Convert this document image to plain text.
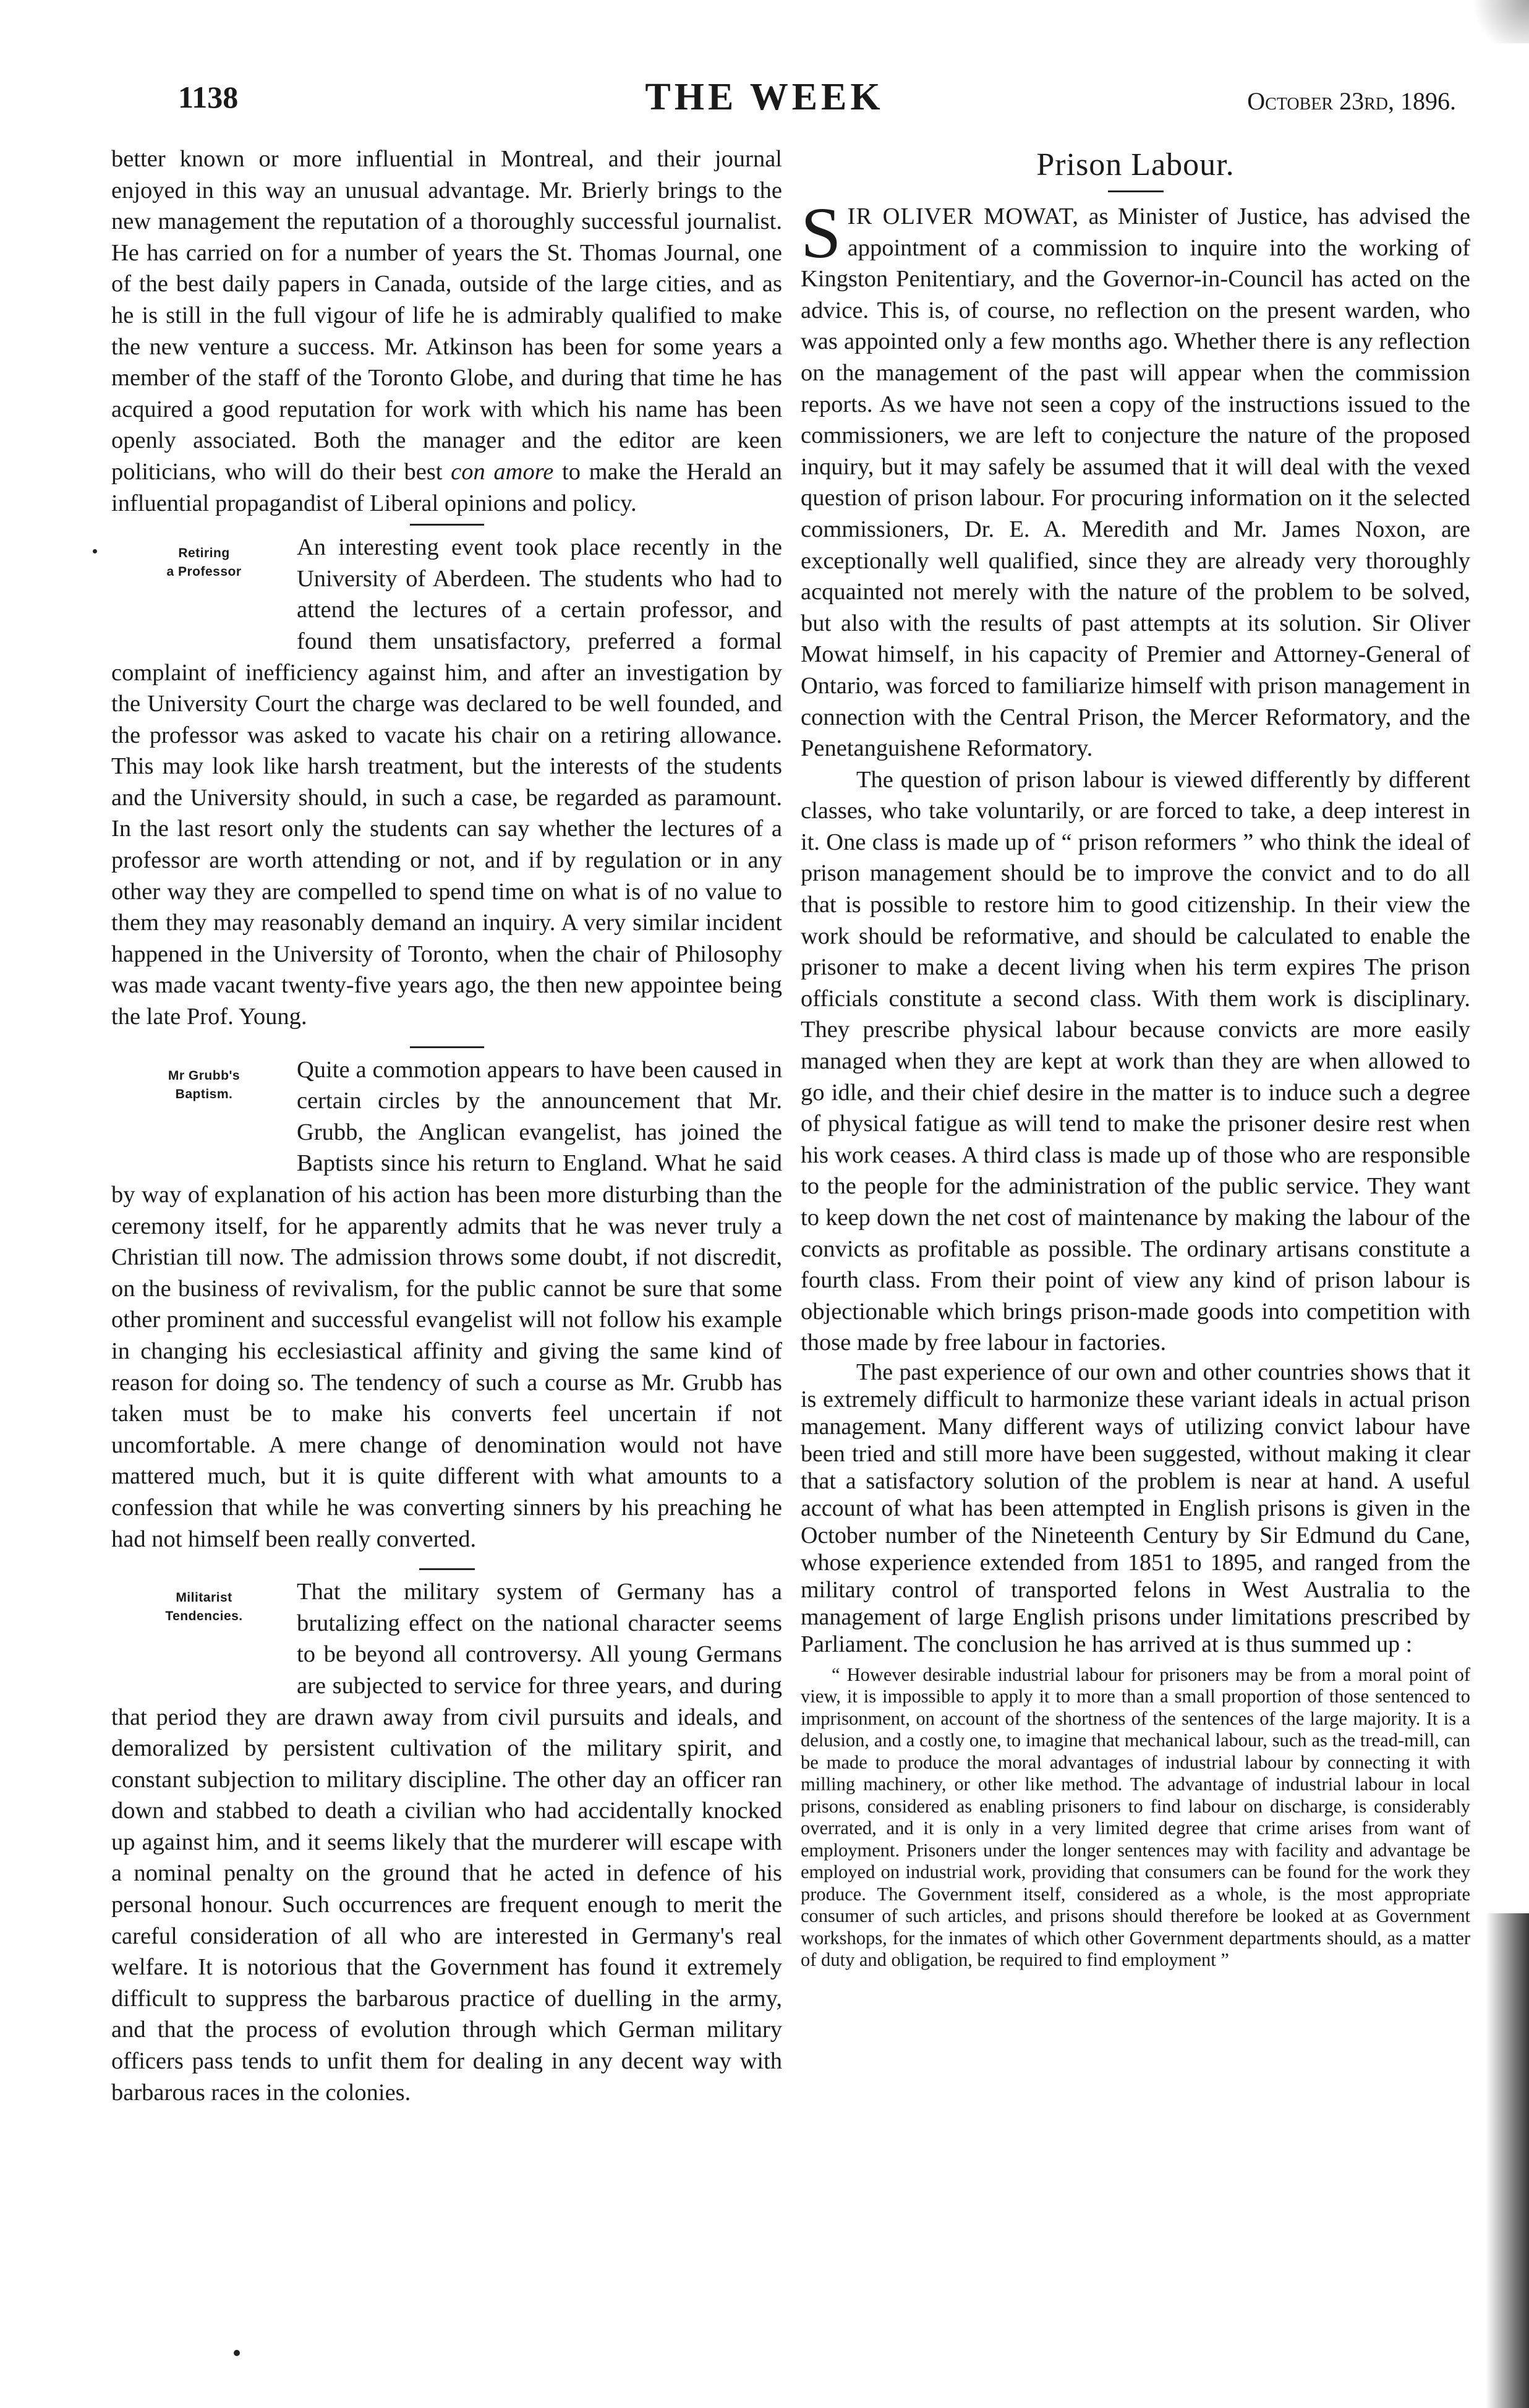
1138	THE WEEK	October 23rd, 1896.

better known or more influential in Montreal, and their journal enjoyed in this way an unusual advantage. Mr. Brierly brings to the new management the reputation of a thoroughly successful journalist. He has carried on for a number of years the St. Thomas Journal, one of the best daily papers in Canada, outside of the large cities, and as he is still in the full vigour of life he is admirably qualified to make the new venture a success. Mr. Atkinson has been for some years a member of the staff of the Toronto Globe, and during that time he has acquired a good reputation for work with which his name has been openly associated. Both the manager and the editor are keen politicians, who will do their best con amore to make the Herald an influential propagandist of Liberal opinions and policy.

Retiring
a Professor

An interesting event took place recently in the University of Aberdeen. The students who had to attend the lectures of a certain professor, and found them unsatisfactory, preferred a formal complaint of inefficiency against him, and after an investigation by the University Court the charge was declared to be well founded, and the professor was asked to vacate his chair on a retiring allowance. This may look like harsh treatment, but the interests of the students and the University should, in such a case, be regarded as paramount. In the last resort only the students can say whether the lectures of a professor are worth attending or not, and if by regulation or in any other way they are compelled to spend time on what is of no value to them they may reasonably demand an inquiry. A very similar incident happened in the University of Toronto, when the chair of Philosophy was made vacant twenty-five years ago, the then new appointee being the late Prof. Young.

Mr Grubb's
Baptism.

Quite a commotion appears to have been caused in certain circles by the announcement that Mr. Grubb, the Anglican evangelist, has joined the Baptists since his return to England. What he said by way of explanation of his action has been more disturbing than the ceremony itself, for he apparently admits that he was never truly a Christian till now. The admission throws some doubt, if not discredit, on the business of revivalism, for the public cannot be sure that some other prominent and successful evangelist will not follow his example in changing his ecclesiastical affinity and giving the same kind of reason for doing so. The tendency of such a course as Mr. Grubb has taken must be to make his converts feel uncertain if not uncomfortable. A mere change of denomination would not have mattered much, but it is quite different with what amounts to a confession that while he was converting sinners by his preaching he had not himself been really converted.

Militarist
Tendencies.

That the military system of Germany has a brutalizing effect on the national character seems to be beyond all controversy. All young Germans are subjected to service for three years, and during that period they are drawn away from civil pursuits and ideals, and demoralized by persistent cultivation of the military spirit, and constant subjection to military discipline. The other day an officer ran down and stabbed to death a civilian who had accidentally knocked up against him, and it seems likely that the murderer will escape with a nominal penalty on the ground that he acted in defence of his personal honour. Such occurrences are frequent enough to merit the careful consideration of all who are interested in Germany's real welfare. It is notorious that the Government has found it extremely difficult to suppress the barbarous practice of duelling in the army, and that the process of evolution through which German military officers pass tends to unfit them for dealing in any decent way with barbarous races in the colonies.

Prison Labour.

SIR OLIVER MOWAT, as Minister of Justice, has advised the appointment of a commission to inquire into the working of Kingston Penitentiary, and the Governor-in-Council has acted on the advice. This is, of course, no reflection on the present warden, who was appointed only a few months ago. Whether there is any reflection on the management of the past will appear when the commission reports. As we have not seen a copy of the instructions issued to the commissioners, we are left to conjecture the nature of the proposed inquiry, but it may safely be assumed that it will deal with the vexed question of prison labour. For procuring information on it the selected commissioners, Dr. E. A. Meredith and Mr. James Noxon, are exceptionally well qualified, since they are already very thoroughly acquainted not merely with the nature of the problem to be solved, but also with the results of past attempts at its solution. Sir Oliver Mowat himself, in his capacity of Premier and Attorney-General of Ontario, was forced to familiarize himself with prison management in connection with the Central Prison, the Mercer Reformatory, and the Penetanguishene Reformatory.

The question of prison labour is viewed differently by different classes, who take voluntarily, or are forced to take, a deep interest in it. One class is made up of “ prison reformers ” who think the ideal of prison management should be to improve the convict and to do all that is possible to restore him to good citizenship. In their view the work should be reformative, and should be calculated to enable the prisoner to make a decent living when his term expires The prison officials constitute a second class. With them work is disciplinary. They prescribe physical labour because convicts are more easily managed when they are kept at work than they are when allowed to go idle, and their chief desire in the matter is to induce such a degree of physical fatigue as will tend to make the prisoner desire rest when his work ceases. A third class is made up of those who are responsible to the people for the administration of the public service. They want to keep down the net cost of maintenance by making the labour of the convicts as profitable as possible. The ordinary artisans constitute a fourth class. From their point of view any kind of prison labour is objectionable which brings prison-made goods into competition with those made by free labour in factories.

The past experience of our own and other countries shows that it is extremely difficult to harmonize these variant ideals in actual prison management. Many different ways of utilizing convict labour have been tried and still more have been suggested, without making it clear that a satisfactory solution of the problem is near at hand. A useful account of what has been attempted in English prisons is given in the October number of the Nineteenth Century by Sir Edmund du Cane, whose experience extended from 1851 to 1895, and ranged from the military control of transported felons in West Australia to the management of large English prisons under limitations prescribed by Parliament. The conclusion he has arrived at is thus summed up :

“ However desirable industrial labour for prisoners may be from a moral point of view, it is impossible to apply it to more than a small proportion of those sentenced to imprisonment, on account of the shortness of the sentences of the large majority. It is a delusion, and a costly one, to imagine that mechanical labour, such as the tread-mill, can be made to produce the moral advantages of industrial labour by connecting it with milling machinery, or other like method. The advantage of industrial labour in local prisons, considered as enabling prisoners to find labour on discharge, is considerably overrated, and it is only in a very limited degree that crime arises from want of employment. Prisoners under the longer sentences may with facility and advantage be employed on industrial work, providing that consumers can be found for the work they produce. The Government itself, considered as a whole, is the most appropriate consumer of such articles, and prisons should therefore be looked at as Government workshops, for the inmates of which other Government departments should, as a matter of duty and obligation, be required to find employment ”
